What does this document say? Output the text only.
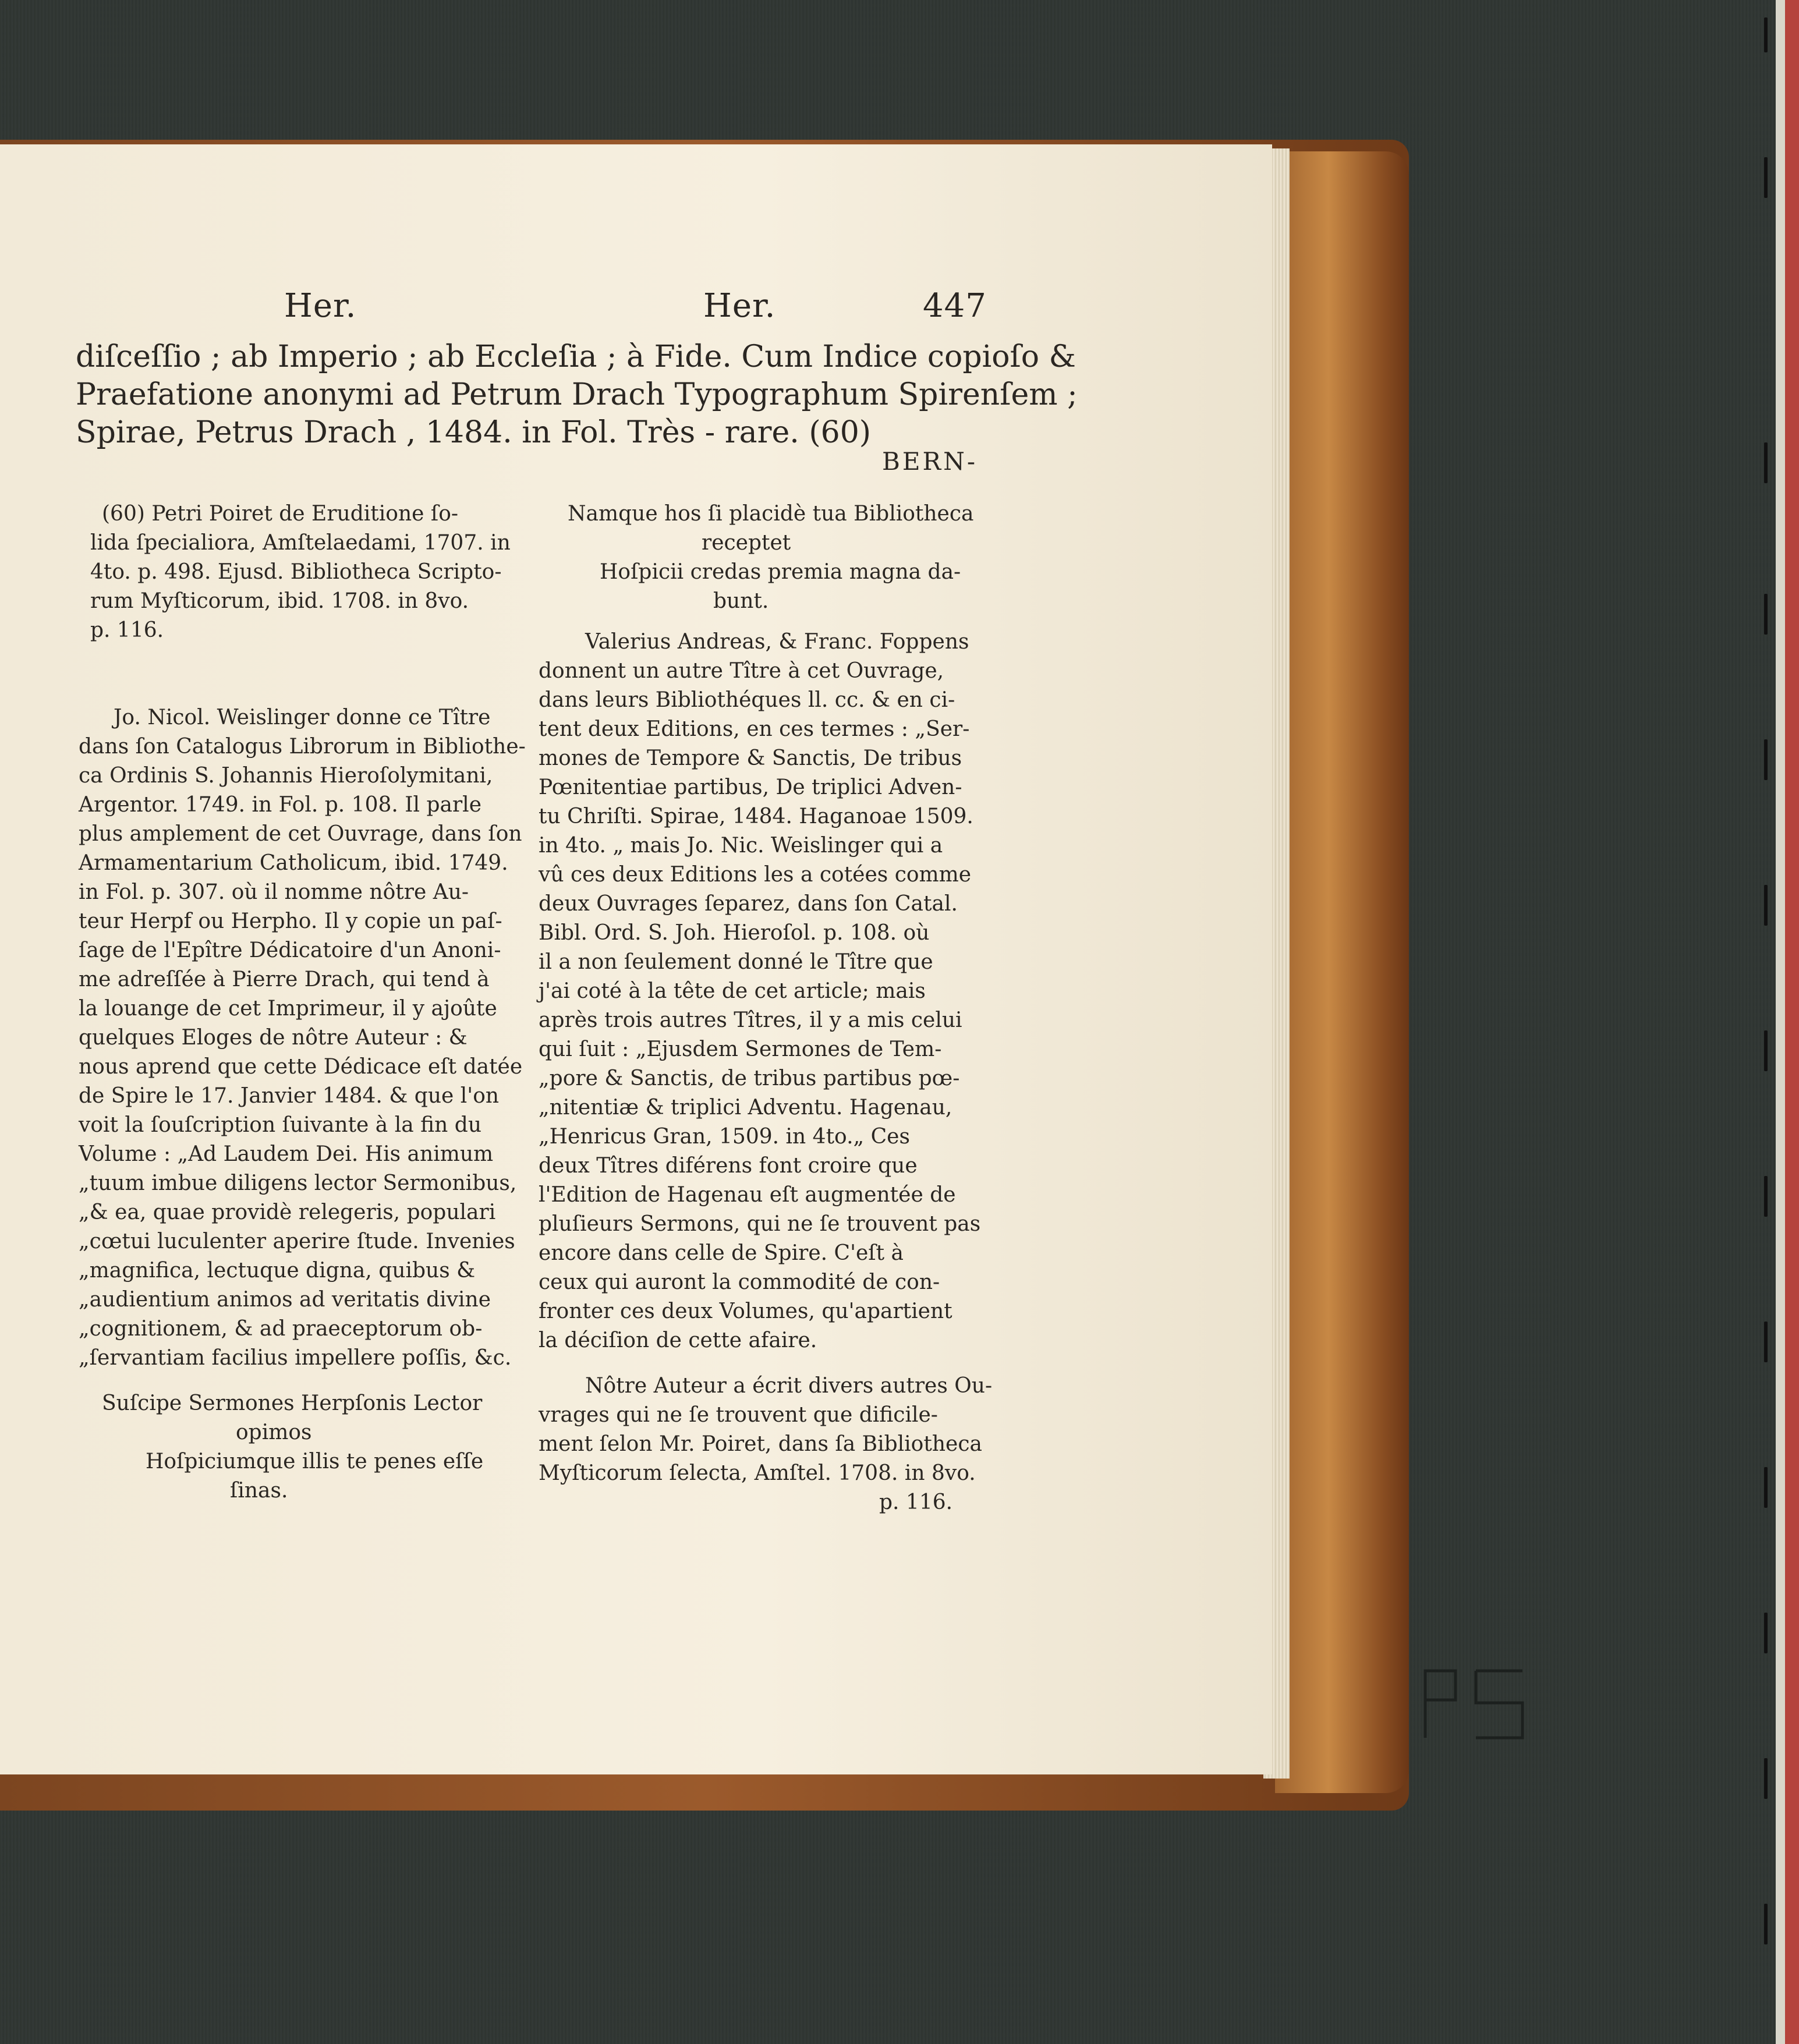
Her.	Her.	447
diſceſſio ; ab Imperio ; ab Eccleſia ; à Fide. Cum Indice copioſo &
Praefatione anonymi ad Petrum Drach Typographum Spirenſem ;
Spirae, Petrus Drach , 1484. in Fol. Très - rare. (60)
BERN-
(60) Petri Poiret de Eruditione ſo-
lida ſpecialiora, Amſtelaedami, 1707. in
4to. p. 498. Ejusd. Bibliotheca Scripto-
rum Myſticorum, ibid. 1708. in 8vo.
p. 116.
Jo. Nicol. Weislinger donne ce Tître
dans ſon Catalogus Librorum in Bibliothe-
ca Ordinis S. Johannis Hieroſolymitani,
Argentor. 1749. in Fol. p. 108. Il parle
plus amplement de cet Ouvrage, dans ſon
Armamentarium Catholicum, ibid. 1749.
in Fol. p. 307. où il nomme nôtre Au-
teur Herpf ou Herpho. Il y copie un paſ-
ſage de l'Epître Dédicatoire d'un Anoni-
me adreſſée à Pierre Drach, qui tend à
la louange de cet Imprimeur, il y ajoûte
quelques Eloges de nôtre Auteur : &
nous aprend que cette Dédicace eſt datée
de Spire le 17. Janvier 1484. & que l'on
voit la ſouſcription ſuivante à la fin du
Volume : „Ad Laudem Dei. His animum
„tuum imbue diligens lector Sermonibus,
„& ea, quae providè relegeris, populari
„cœtui luculenter aperire ſtude. Invenies
„magnifica, lectuque digna, quibus &
„audientium animos ad veritatis divine
„cognitionem, & ad praeceptorum ob-
„ſervantiam facilius impellere poſſis, &c.
Suſcipe Sermones Herpſonis Lector
opimos
Hoſpiciumque illis te penes eſſe
ſinas.
Namque hos ſi placidè tua Bibliotheca
receptet
Hoſpicii credas premia magna da-
bunt.
Valerius Andreas, & Franc. Foppens
donnent un autre Tître à cet Ouvrage,
dans leurs Bibliothéques ll. cc. & en ci-
tent deux Editions, en ces termes : „Ser-
mones de Tempore & Sanctis, De tribus
Pœnitentiae partibus, De triplici Adven-
tu Chriſti. Spirae, 1484. Haganoae 1509.
in 4to. „ mais Jo. Nic. Weislinger qui a
vû ces deux Editions les a cotées comme
deux Ouvrages ſeparez, dans ſon Catal.
Bibl. Ord. S. Joh. Hieroſol. p. 108. où
il a non ſeulement donné le Tître que
j'ai coté à la tête de cet article; mais
après trois autres Tîtres, il y a mis celui
qui ſuit : „Ejusdem Sermones de Tem-
„pore & Sanctis, de tribus partibus pœ-
„nitentiæ & triplici Adventu. Hagenau,
„Henricus Gran, 1509. in 4to.„ Ces
deux Tîtres diférens font croire que
l'Edition de Hagenau eſt augmentée de
pluſieurs Sermons, qui ne ſe trouvent pas
encore dans celle de Spire. C'eſt à
ceux qui auront la commodité de con-
fronter ces deux Volumes, qu'apartient
la déciſion de cette afaire.
Nôtre Auteur a écrit divers autres Ou-
vrages qui ne ſe trouvent que dificile-
ment ſelon Mr. Poiret, dans ſa Bibliotheca
Myſticorum ſelecta, Amſtel. 1708. in 8vo.
p. 116.
